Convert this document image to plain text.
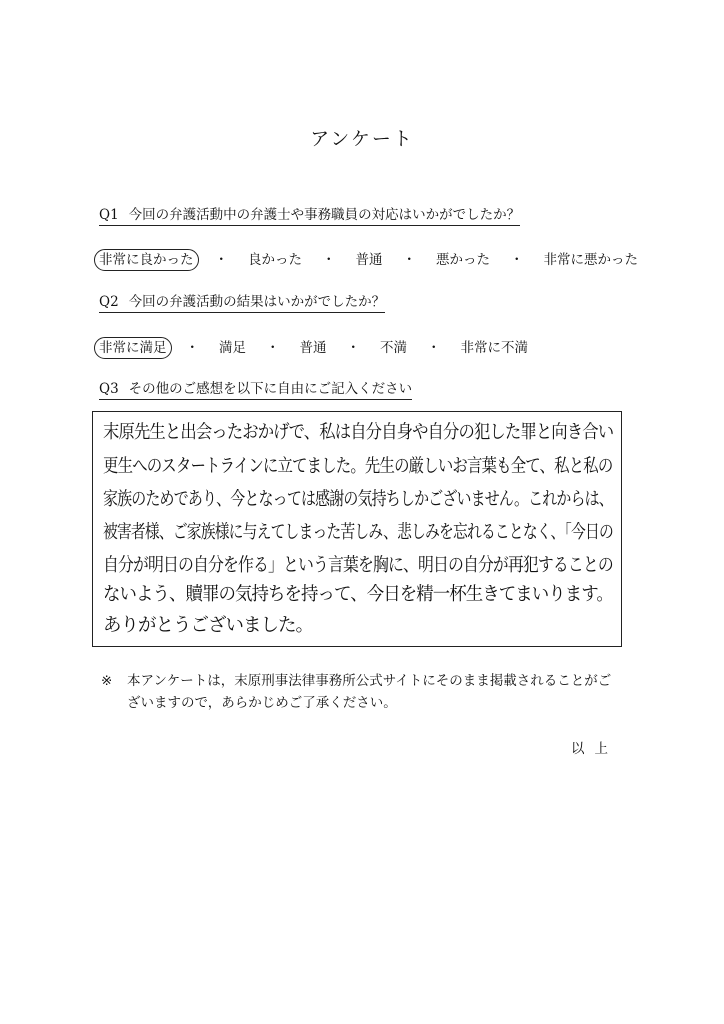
アンケート
Q1 今回の弁護活動中の弁護士や事務職員の対応はいかがでしたか？
非常に良かった ・ 良かった ・ 普通 ・ 悪かった ・ 非常に悪かった
Q2 今回の弁護活動の結果はいかがでしたか？
非常に満足 ・ 満足 ・ 普通 ・ 不満 ・ 非常に不満
Q3 その他のご感想を以下に自由にご記入ください
末原先生と出会ったおかげで、私は自分自身や自分の犯した罪と向き合い
更生へのスタートラインに立てました。先生の厳しいお言葉も全て、私と私の
家族のためであり、今となっては感謝の気持ちしかございません。これからは、
被害者様、ご家族様に与えてしまった苦しみ、悲しみを忘れることなく、「今日の
自分が明日の自分を作る」という言葉を胸に、明日の自分が再犯することの
ないよう、贖罪の気持ちを持って、今日を精一杯生きてまいります。
ありがとうございました。
※ 本アンケートは，末原刑事法律事務所公式サイトにそのまま掲載されることがございますので，あらかじめご了承ください。
以上
